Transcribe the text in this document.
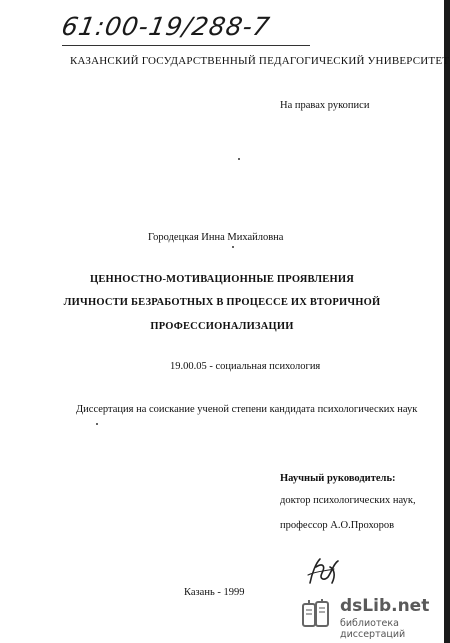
61:00-19/288-7
КАЗАНСКИЙ ГОСУДАРСТВЕННЫЙ ПЕДАГОГИЧЕСКИЙ УНИВЕРСИТЕТ
На правах рукописи
Городецкая Инна Михайловна
ЦЕННОСТНО-МОТИВАЦИОННЫЕ ПРОЯВЛЕНИЯ
ЛИЧНОСТИ БЕЗРАБОТНЫХ В ПРОЦЕССЕ ИХ ВТОРИЧНОЙ
ПРОФЕССИОНАЛИЗАЦИИ
19.00.05 - социальная психология
Диссертация на соискание ученой степени кандидата психологических наук
Научный руководитель:
доктор психологических наук,
профессор А.О.Прохоров
Казань - 1999
dsLib.net
библиотека диссертаций
